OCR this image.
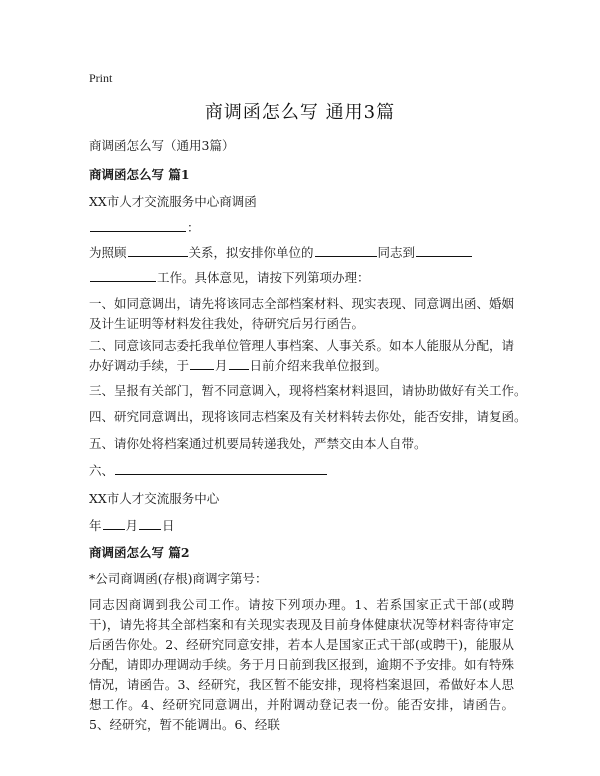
Print
商调函怎么写 通用3篇
商调函怎么写（通用3篇）
商调函怎么写 篇1
XX市人才交流服务中心商调函
：
为照顾	关系，拟安排你单位的	同志到
工作。具体意见，请按下列第项办理：
一、如同意调出，请先将该同志全部档案材料、现实表现、同意调出函、婚姻及计生证明等材料发往我处，待研究后另行函告。
二、同意该同志委托我单位管理人事档案、人事关系。如本人能服从分配，请办好调动手续，于 月 日前介绍来我单位报到。
三、呈报有关部门，暂不同意调入，现将档案材料退回，请协助做好有关工作。
四、研究同意调出，现将该同志档案及有关材料转去你处，能否安排，请复函。
五、请你处将档案通过机要局转递我处，严禁交由本人自带。
六、
XX市人才交流服务中心
年 月 日
商调函怎么写 篇2
*公司商调函(存根)商调字第号：
同志因商调到我公司工作。请按下列项办理。1、若系国家正式干部(或聘干)，请先将其全部档案和有关现实表现及目前身体健康状况等材料寄待审定后函告你处。2、经研究同意安排，若本人是国家正式干部(或聘干)，能服从分配，请即办理调动手续。务于月日前到我区报到，逾期不予安排。如有特殊情况，请函告。3、经研究，我区暂不能安排，现将档案退回，希做好本人思想工作。4、经研究同意调出，并附调动登记表一份。能否安排，请函告。5、经研究，暂不能调出。6、经联
